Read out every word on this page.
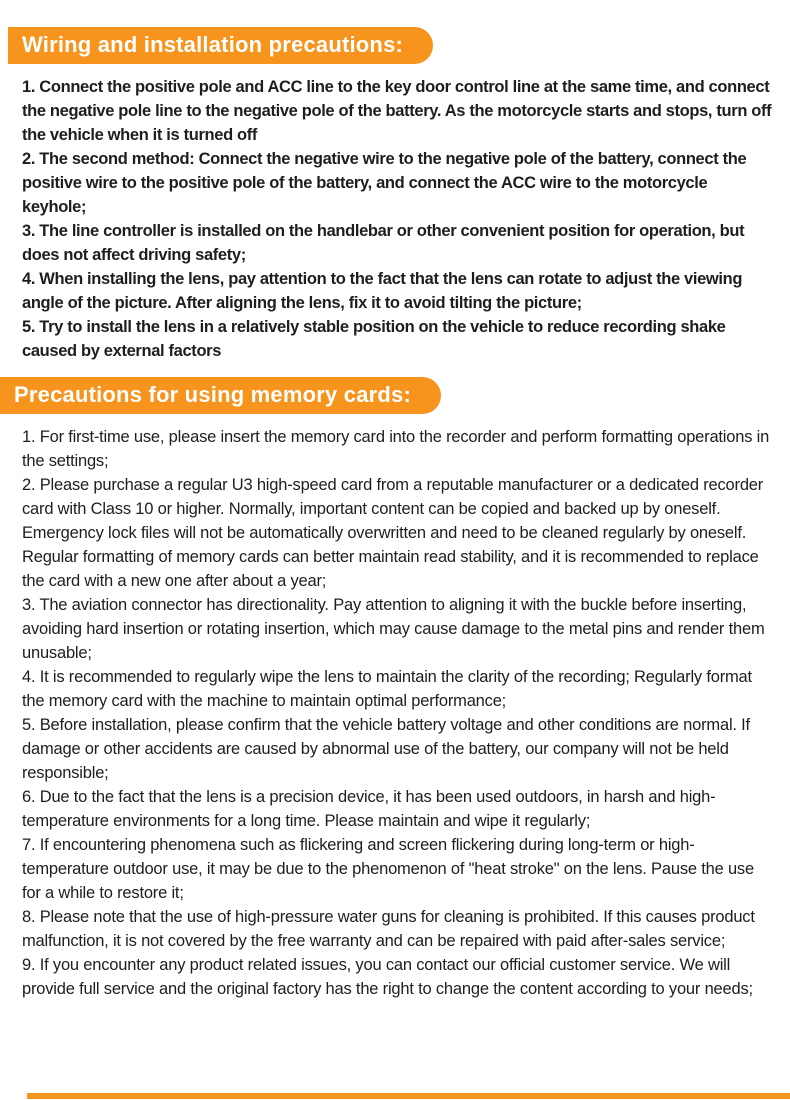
Wiring and installation precautions:

1. Connect the positive pole and ACC line to the key door control line at the same time, and connect the negative pole line to the negative pole of the battery. As the motorcycle starts and stops, turn off the vehicle when it is turned off

2. The second method: Connect the negative wire to the negative pole of the battery, connect the positive wire to the positive pole of the battery, and connect the ACC wire to the motorcycle keyhole;

3. The line controller is installed on the handlebar or other convenient position for operation, but does not affect driving safety;

4. When installing the lens, pay attention to the fact that the lens can rotate to adjust the viewing angle of the picture. After aligning the lens, fix it to avoid tilting the picture;

5. Try to install the lens in a relatively stable position on the vehicle to reduce recording shake caused by external factors

Precautions for using memory cards:

1. For first-time use, please insert the memory card into the recorder and perform formatting operations in the settings;

2. Please purchase a regular U3 high-speed card from a reputable manufacturer or a dedicated recorder card with Class 10 or higher. Normally, important content can be copied and backed up by oneself. Emergency lock files will not be automatically overwritten and need to be cleaned regularly by oneself. Regular formatting of memory cards can better maintain read stability, and it is recommended to replace the card with a new one after about a year;

3. The aviation connector has directionality. Pay attention to aligning it with the buckle before inserting, avoiding hard insertion or rotating insertion, which may cause damage to the metal pins and render them unusable;

4. It is recommended to regularly wipe the lens to maintain the clarity of the recording; Regularly format the memory card with the machine to maintain optimal performance;

5. Before installation, please confirm that the vehicle battery voltage and other conditions are normal. If damage or other accidents are caused by abnormal use of the battery, our company will not be held responsible;

6. Due to the fact that the lens is a precision device, it has been used outdoors, in harsh and high-temperature environments for a long time. Please maintain and wipe it regularly;

7. If encountering phenomena such as flickering and screen flickering during long-term or high-temperature outdoor use, it may be due to the phenomenon of "heat stroke" on the lens. Pause the use for a while to restore it;

8. Please note that the use of high-pressure water guns for cleaning is prohibited. If this causes product malfunction, it is not covered by the free warranty and can be repaired with paid after-sales service;

9. If you encounter any product related issues, you can contact our official customer service. We will provide full service and the original factory has the right to change the content according to your needs;
